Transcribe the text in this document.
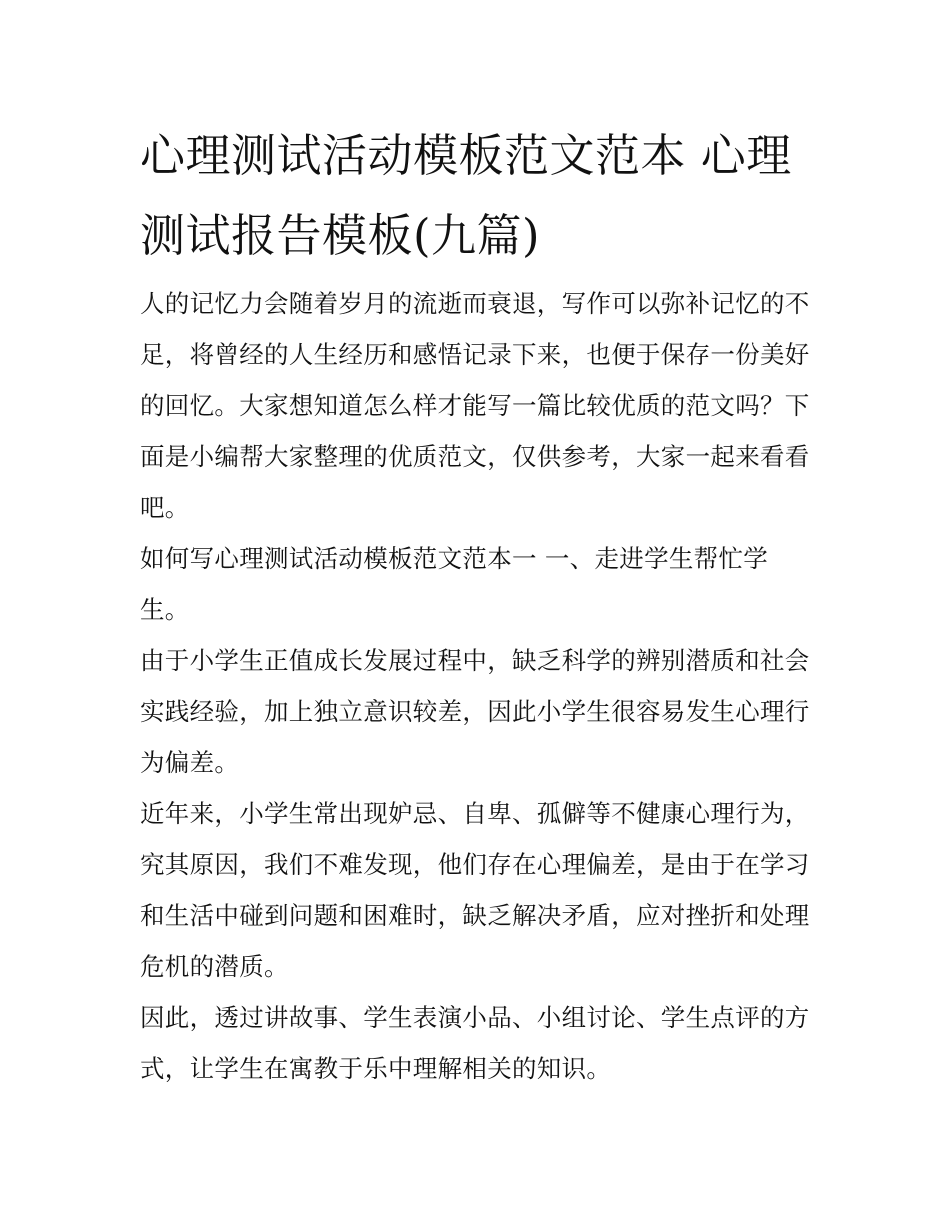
心理测试活动模板范文范本 心理测试报告模板(九篇)

人的记忆力会随着岁月的流逝而衰退，写作可以弥补记忆的不足，将曾经的人生经历和感悟记录下来，也便于保存一份美好的回忆。大家想知道怎么样才能写一篇比较优质的范文吗？下面是小编帮大家整理的优质范文，仅供参考，大家一起来看看吧。

如何写心理测试活动模板范文范本一 一、走进学生帮忙学生。

由于小学生正值成长发展过程中，缺乏科学的辨别潜质和社会实践经验，加上独立意识较差，因此小学生很容易发生心理行为偏差。

近年来，小学生常出现妒忌、自卑、孤僻等不健康心理行为，究其原因，我们不难发现，他们存在心理偏差，是由于在学习和生活中碰到问题和困难时，缺乏解决矛盾，应对挫折和处理危机的潜质。

因此，透过讲故事、学生表演小品、小组讨论、学生点评的方式，让学生在寓教于乐中理解相关的知识。
